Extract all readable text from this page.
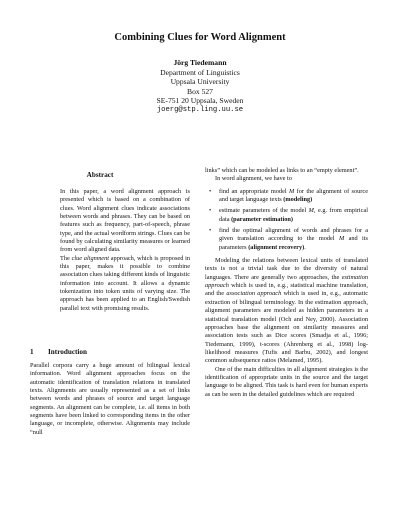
Combining Clues for Word Alignment
Jörg Tiedemann
Department of Linguistics
Uppsala University
Box 527
SE-751 20 Uppsala, Sweden
joerg@stp.ling.uu.se
Abstract

In this paper, a word alignment approach is presented which is based on a combination of clues. Word alignment clues indicate associations between words and phrases. They can be based on features such as frequency, part-of-speech, phrase type, and the actual wordform strings. Clues can be found by calculating similarity measures or learned from word aligned data.

The clue alignment approach, which is proposed in this paper, makes it possible to combine association clues taking different kinds of linguistic information into account. It allows a dynamic tokenization into token units of varying size. The approach has been applied to an English/Swedish parallel text with promising results.

1 Introduction

Parallel corpora carry a huge amount of bilingual lexical information. Word alignment approaches focus on the automatic identification of translation relations in translated texts. Alignments are usually represented as a set of links between words and phrases of source and target language segments. An alignment can be complete, i.e. all items in both segments have been linked to corresponding items in the other language, or incomplete, otherwise. Alignments may include “null

links” which can be modeled as links to an “empty element”.

In word alignment, we have to

• find an appropriate model M for the alignment of source and target language texts (modeling)
• estimate parameters of the model M, e.g. from empirical data (parameter estimation)
• find the optimal alignment of words and phrases for a given translation according to the model M and its parameters (alignment recovery).

Modeling the relations between lexical units of translated texts is not a trivial task due to the diversity of natural languages. There are generally two approaches, the estimation approach which is used in, e.g., statistical machine translation, and the association approach which is used in, e.g., automatic extraction of bilingual terminology. In the estimation approach, alignment parameters are modeled as hidden parameters in a statistical translation model (Och and Ney, 2000). Association approaches base the alignment on similarity measures and association tests such as Dice scores (Smadja et al., 1996; Tiedemann, 1999), t-scores (Ahrenberg et al., 1998) log-likelihood measures (Tufis and Barbu, 2002), and longest common subsequence ratios (Melamed, 1995).

One of the main difficulties in all alignment strategies is the identification of appropriate units in the source and the target language to be aligned. This task is hard even for human experts as can be seen in the detailed guidelines which are required
